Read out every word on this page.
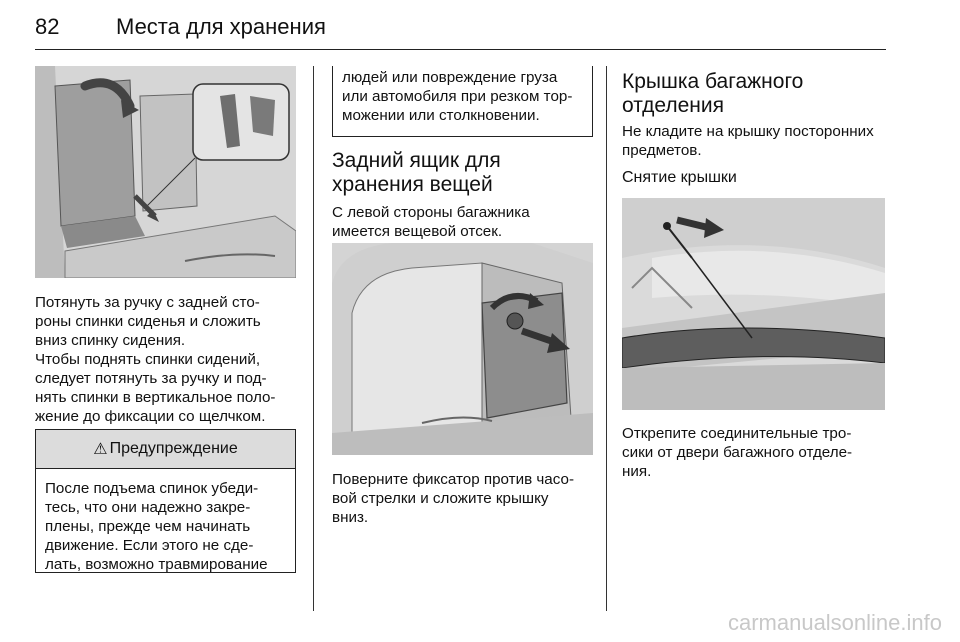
82	Места для хранения

Потянуть за ручку с задней сто-
роны спинки сиденья и сложить
вниз спинку сидения.

Чтобы поднять спинки сидений,
следует потянуть за ручку и под-
нять спинки в вертикальное поло-
жение до фиксации со щелчком.

⚠ Предупреждение

После подъема спинок убеди-
тесь, что они надежно закре-
плены, прежде чем начинать
движение. Если этого не сде-
лать, возможно травмирование

людей или повреждение груза
или автомобиля при резком тор-
можении или столкновении.

Задний ящик для
хранения вещей

С левой стороны багажника
имеется вещевой отсек.

Поверните фиксатор против часо-
вой стрелки и сложите крышку
вниз.

Крышка багажного
отделения

Не кладите на крышку посторонних
предметов.

Снятие крышки

Открепите соединительные тро-
сики от двери багажного отделе-
ния.

carmanualsonline.info
